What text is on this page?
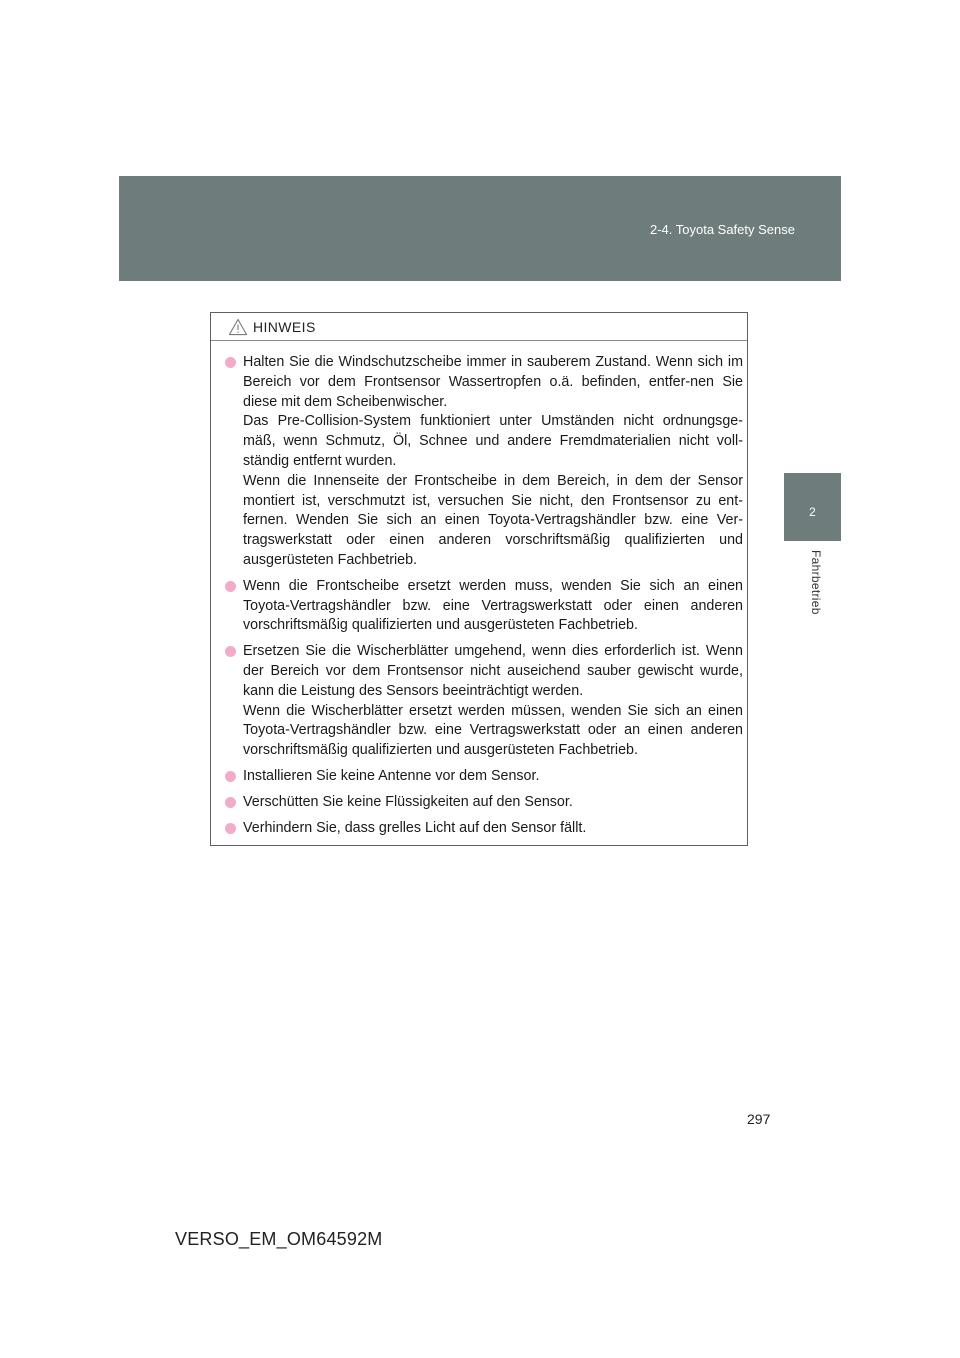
2-4. Toyota Safety Sense
2
Fahrbetrieb
HINWEIS
Halten Sie die Windschutzscheibe immer in sauberem Zustand. Wenn sich im Bereich vor dem Frontsensor Wassertropfen o.ä. befinden, entfer-nen Sie diese mit dem Scheibenwischer.
Das Pre-Collision-System funktioniert unter Umständen nicht ordnungsge-mäß, wenn Schmutz, Öl, Schnee und andere Fremdmaterialien nicht voll-ständig entfernt wurden.
Wenn die Innenseite der Frontscheibe in dem Bereich, in dem der Sensor montiert ist, verschmutzt ist, versuchen Sie nicht, den Frontsensor zu ent-fernen. Wenden Sie sich an einen Toyota-Vertragshändler bzw. eine Ver-tragswerkstatt oder einen anderen vorschriftsmäßig qualifizierten und ausgerüsteten Fachbetrieb.
Wenn die Frontscheibe ersetzt werden muss, wenden Sie sich an einen Toyota-Vertragshändler bzw. eine Vertragswerkstatt oder einen anderen vorschriftsmäßig qualifizierten und ausgerüsteten Fachbetrieb.
Ersetzen Sie die Wischerblätter umgehend, wenn dies erforderlich ist. Wenn der Bereich vor dem Frontsensor nicht auseichend sauber gewischt wurde, kann die Leistung des Sensors beeinträchtigt werden.
Wenn die Wischerblätter ersetzt werden müssen, wenden Sie sich an einen Toyota-Vertragshändler bzw. eine Vertragswerkstatt oder an einen anderen vorschriftsmäßig qualifizierten und ausgerüsteten Fachbetrieb.
Installieren Sie keine Antenne vor dem Sensor.
Verschütten Sie keine Flüssigkeiten auf den Sensor.
Verhindern Sie, dass grelles Licht auf den Sensor fällt.
297
VERSO_EM_OM64592M
